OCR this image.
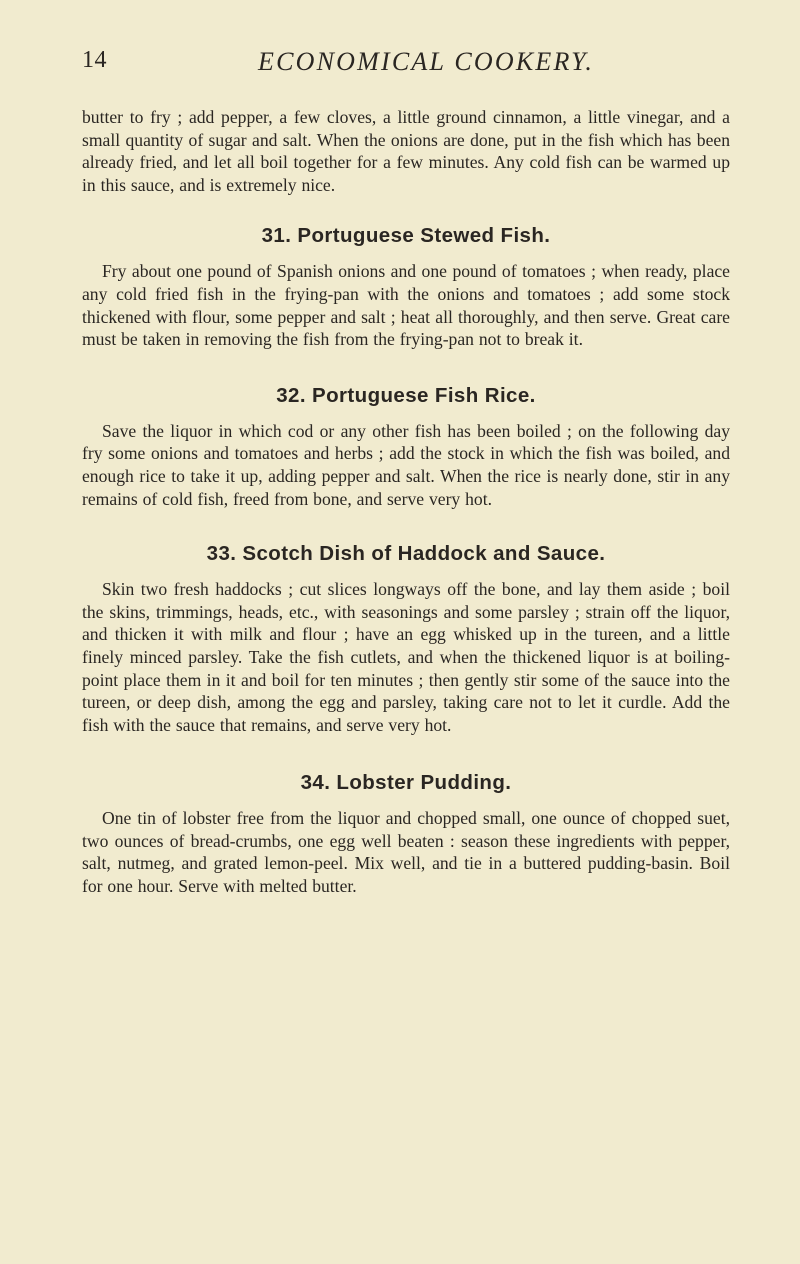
14	ECONOMICAL COOKERY.

butter to fry ; add pepper, a few cloves, a little ground cinnamon, a little vinegar, and a small quantity of sugar and salt. When the onions are done, put in the fish which has been already fried, and let all boil together for a few minutes. Any cold fish can be warmed up in this sauce, and is extremely nice.

31. Portuguese Stewed Fish.

Fry about one pound of Spanish onions and one pound of tomatoes ; when ready, place any cold fried fish in the frying-pan with the onions and tomatoes ; add some stock thickened with flour, some pepper and salt ; heat all thoroughly, and then serve. Great care must be taken in removing the fish from the frying-pan not to break it.

32. Portuguese Fish Rice.

Save the liquor in which cod or any other fish has been boiled ; on the following day fry some onions and tomatoes and herbs ; add the stock in which the fish was boiled, and enough rice to take it up, adding pepper and salt. When the rice is nearly done, stir in any remains of cold fish, freed from bone, and serve very hot.

33. Scotch Dish of Haddock and Sauce.

Skin two fresh haddocks ; cut slices longways off the bone, and lay them aside ; boil the skins, trimmings, heads, etc., with seasonings and some parsley ; strain off the liquor, and thicken it with milk and flour ; have an egg whisked up in the tureen, and a little finely minced parsley. Take the fish cutlets, and when the thickened liquor is at boiling-point place them in it and boil for ten minutes ; then gently stir some of the sauce into the tureen, or deep dish, among the egg and parsley, taking care not to let it curdle. Add the fish with the sauce that remains, and serve very hot.

34. Lobster Pudding.

One tin of lobster free from the liquor and chopped small, one ounce of chopped suet, two ounces of bread-crumbs, one egg well beaten : season these ingredients with pepper, salt, nutmeg, and grated lemon-peel. Mix well, and tie in a buttered pudding-basin. Boil for one hour. Serve with melted butter.
